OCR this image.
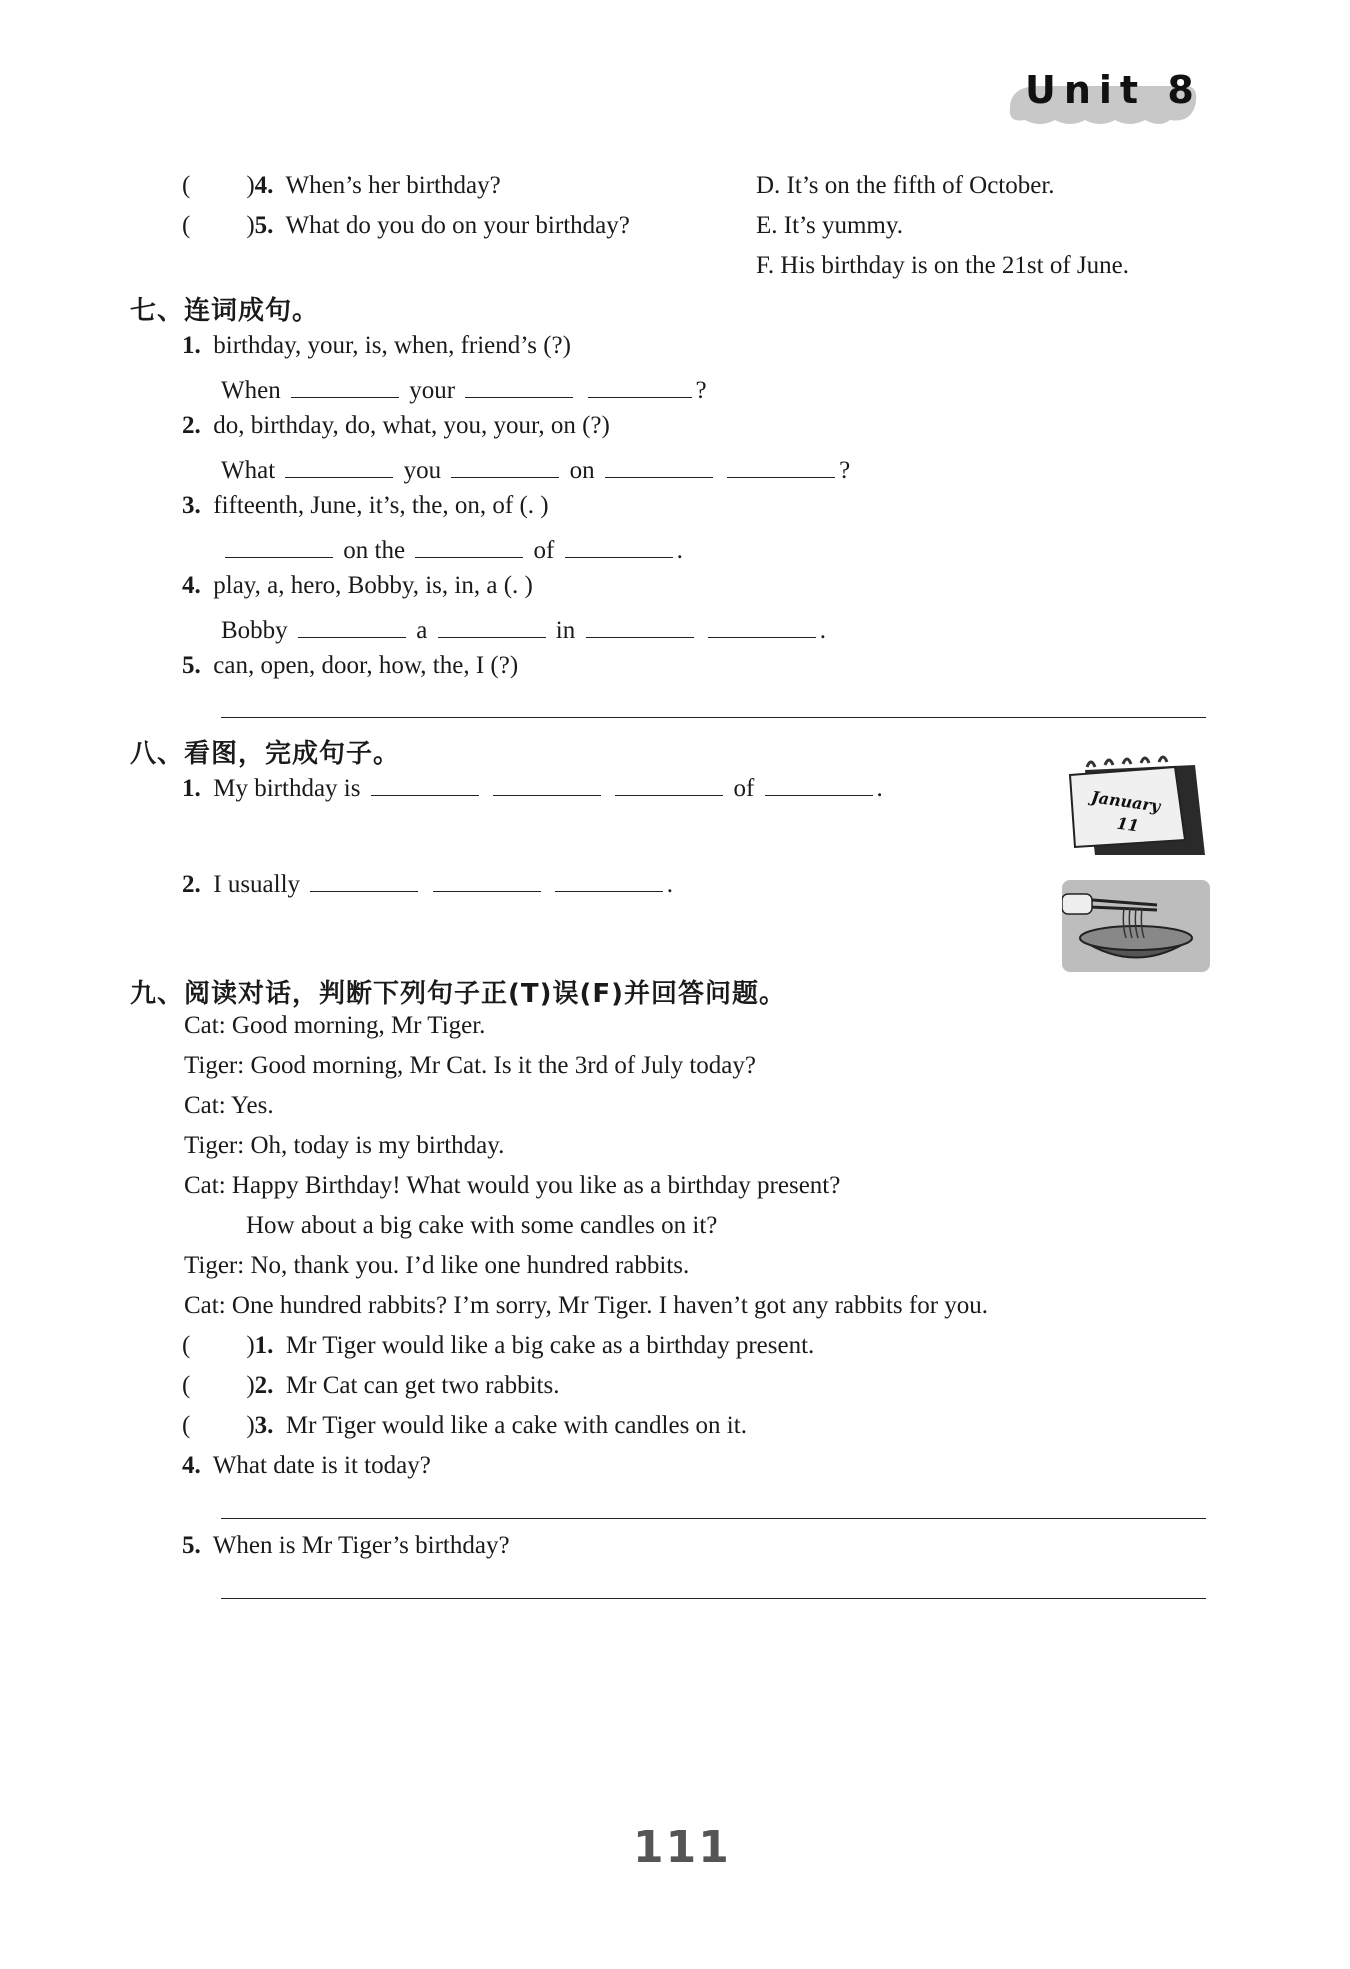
Unit 8
( )4. When’s her birthday?
( )5. What do you do on your birthday?
D. It’s on the fifth of October.
E. It’s yummy.
F. His birthday is on the 21st of June.
七、连词成句。
1. birthday, your, is, when, friend’s (?)
When	your	?
2. do, birthday, do, what, you, your, on (?)
What	you	on	?
3. fifteenth, June, it’s, the, on, of (. )
on the	of	.
4. play, a, hero, Bobby, is, in, a (. )
Bobby	a	in	.
5. can, open, door, how, the, I (?)
八、看图，完成句子。
1. My birthday is	of	.
2. I usually	.
January
11
九、阅读对话，判断下列句子正(T)误(F)并回答问题。
Cat: Good morning, Mr Tiger.
Tiger: Good morning, Mr Cat. Is it the 3rd of July today?
Cat: Yes.
Tiger: Oh, today is my birthday.
Cat: Happy Birthday! What would you like as a birthday present?
How about a big cake with some candles on it?
Tiger: No, thank you. I’d like one hundred rabbits.
Cat: One hundred rabbits? I’m sorry, Mr Tiger. I haven’t got any rabbits for you.
( )1. Mr Tiger would like a big cake as a birthday present.
( )2. Mr Cat can get two rabbits.
( )3. Mr Tiger would like a cake with candles on it.
4. What date is it today?
5. When is Mr Tiger’s birthday?
111
